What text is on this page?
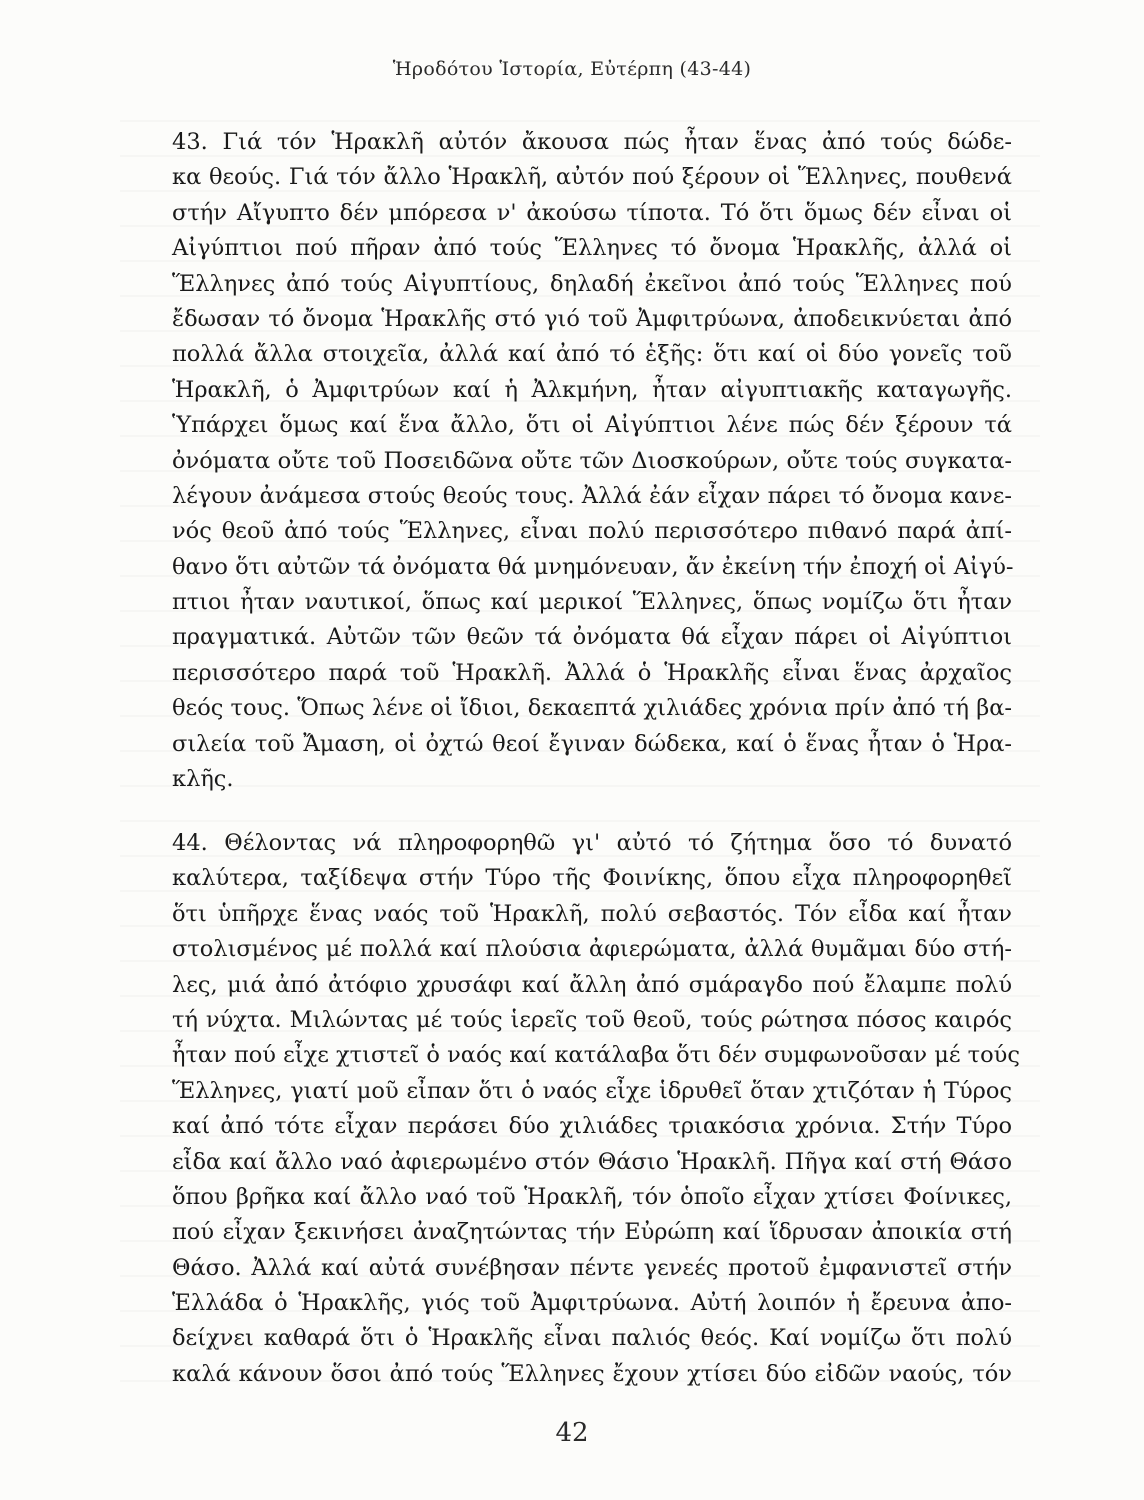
Ἡροδότου Ἱστορία, Εὐτέρπη (43-44)
43. Γιά τόν Ἡρακλῆ αὐτόν ἄκουσα πώς ἦταν ἕνας ἀπό τούς δώδε-
κα θεούς. Γιά τόν ἄλλο Ἡρακλῆ, αὐτόν πού ξέρουν οἱ Ἕλληνες, πουθενά
στήν Αἴγυπτο δέν μπόρεσα ν' ἀκούσω τίποτα. Τό ὅτι ὅμως δέν εἶναι οἱ
Αἰγύπτιοι πού πῆραν ἀπό τούς Ἕλληνες τό ὄνομα Ἡρακλῆς, ἀλλά οἱ
Ἕλληνες ἀπό τούς Αἰγυπτίους, δηλαδή ἐκεῖνοι ἀπό τούς Ἕλληνες πού
ἔδωσαν τό ὄνομα Ἡρακλῆς στό γιό τοῦ Ἀμφιτρύωνα, ἀποδεικνύεται ἀπό
πολλά ἄλλα στοιχεῖα, ἀλλά καί ἀπό τό ἑξῆς: ὅτι καί οἱ δύο γονεῖς τοῦ
Ἡρακλῆ, ὁ Ἀμφιτρύων καί ἡ Ἀλκμήνη, ἦταν αἰγυπτιακῆς καταγωγῆς.
Ὑπάρχει ὅμως καί ἕνα ἄλλο, ὅτι οἱ Αἰγύπτιοι λένε πώς δέν ξέρουν τά
ὀνόματα οὔτε τοῦ Ποσειδῶνα οὔτε τῶν Διοσκούρων, οὔτε τούς συγκατα-
λέγουν ἀνάμεσα στούς θεούς τους. Ἀλλά ἐάν εἶχαν πάρει τό ὄνομα κανε-
νός θεοῦ ἀπό τούς Ἕλληνες, εἶναι πολύ περισσότερο πιθανό παρά ἀπί-
θανο ὅτι αὐτῶν τά ὀνόματα θά μνημόνευαν, ἄν ἐκείνη τήν ἐποχή οἱ Αἰγύ-
πτιοι ἦταν ναυτικοί, ὅπως καί μερικοί Ἕλληνες, ὅπως νομίζω ὅτι ἦταν
πραγματικά. Αὐτῶν τῶν θεῶν τά ὀνόματα θά εἶχαν πάρει οἱ Αἰγύπτιοι
περισσότερο παρά τοῦ Ἡρακλῆ. Ἀλλά ὁ Ἡρακλῆς εἶναι ἕνας ἀρχαῖος
θεός τους. Ὅπως λένε οἱ ἴδιοι, δεκαεπτά χιλιάδες χρόνια πρίν ἀπό τή βα-
σιλεία τοῦ Ἄμαση, οἱ ὀχτώ θεοί ἔγιναν δώδεκα, καί ὁ ἕνας ἦταν ὁ Ἡρα-
κλῆς.
44. Θέλοντας νά πληροφορηθῶ γι' αὐτό τό ζήτημα ὅσο τό δυνατό
καλύτερα, ταξίδεψα στήν Τύρο τῆς Φοινίκης, ὅπου εἶχα πληροφορηθεῖ
ὅτι ὑπῆρχε ἕνας ναός τοῦ Ἡρακλῆ, πολύ σεβαστός. Τόν εἶδα καί ἦταν
στολισμένος μέ πολλά καί πλούσια ἀφιερώματα, ἀλλά θυμᾶμαι δύο στή-
λες, μιά ἀπό ἀτόφιο χρυσάφι καί ἄλλη ἀπό σμάραγδο πού ἔλαμπε πολύ
τή νύχτα. Μιλώντας μέ τούς ἱερεῖς τοῦ θεοῦ, τούς ρώτησα πόσος καιρός
ἦταν πού εἶχε χτιστεῖ ὁ ναός καί κατάλαβα ὅτι δέν συμφωνοῦσαν μέ τούς
Ἕλληνες, γιατί μοῦ εἶπαν ὅτι ὁ ναός εἶχε ἱδρυθεῖ ὅταν χτιζόταν ἡ Τύρος
καί ἀπό τότε εἶχαν περάσει δύο χιλιάδες τριακόσια χρόνια. Στήν Τύρο
εἶδα καί ἄλλο ναό ἀφιερωμένο στόν Θάσιο Ἡρακλῆ. Πῆγα καί στή Θάσο
ὅπου βρῆκα καί ἄλλο ναό τοῦ Ἡρακλῆ, τόν ὁποῖο εἶχαν χτίσει Φοίνικες,
πού εἶχαν ξεκινήσει ἀναζητώντας τήν Εὐρώπη καί ἵδρυσαν ἀποικία στή
Θάσο. Ἀλλά καί αὐτά συνέβησαν πέντε γενεές προτοῦ ἐμφανιστεῖ στήν
Ἑλλάδα ὁ Ἡρακλῆς, γιός τοῦ Ἀμφιτρύωνα. Αὐτή λοιπόν ἡ ἔρευνα ἀπο-
δείχνει καθαρά ὅτι ὁ Ἡρακλῆς εἶναι παλιός θεός. Καί νομίζω ὅτι πολύ
καλά κάνουν ὅσοι ἀπό τούς Ἕλληνες ἔχουν χτίσει δύο εἰδῶν ναούς, τόν
42
